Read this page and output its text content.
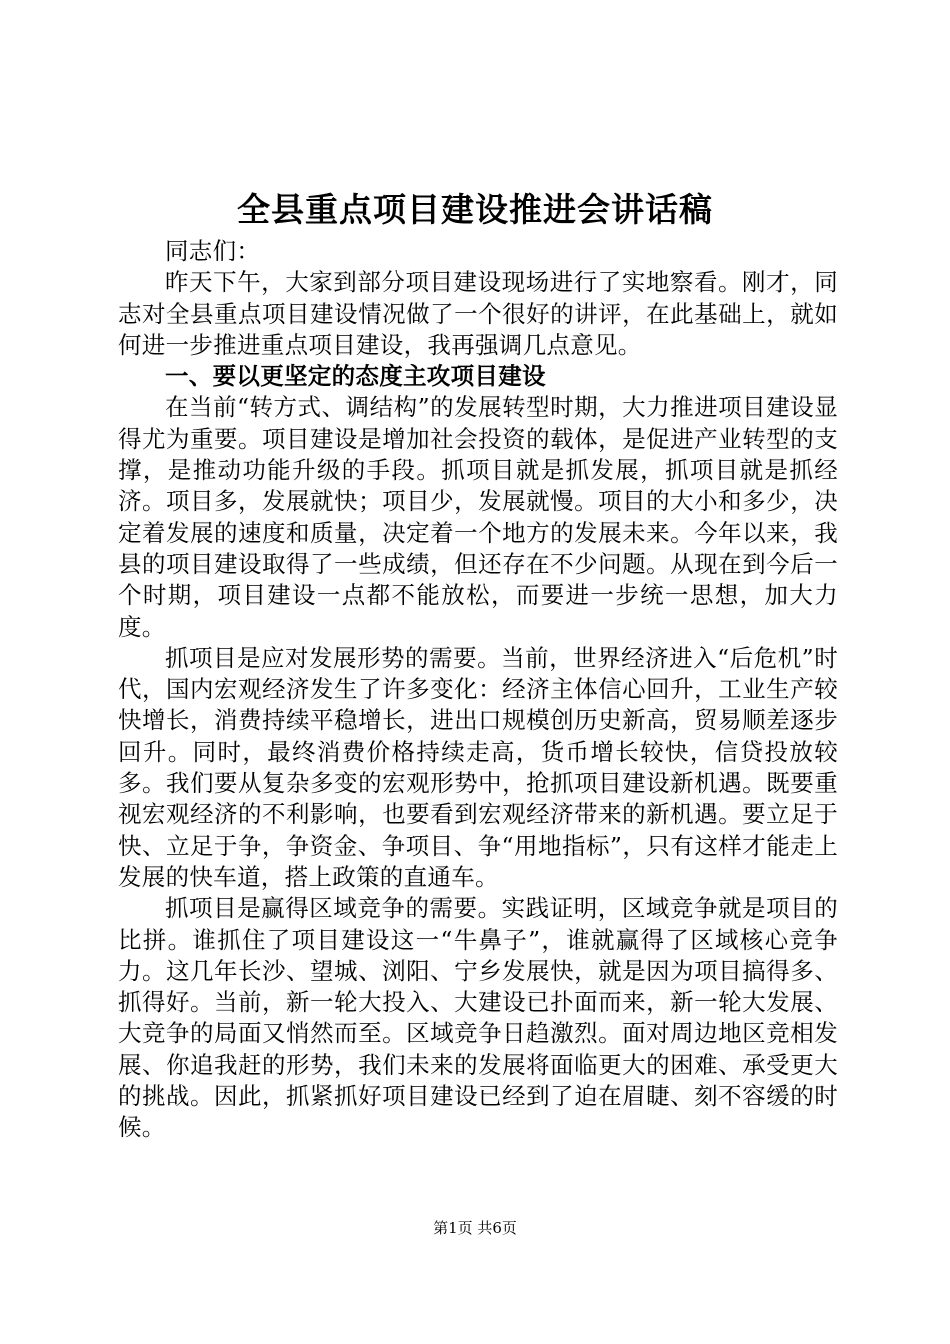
全县重点项目建设推进会讲话稿

同志们：

昨天下午，大家到部分项目建设现场进行了实地察看。刚才，同志对全县重点项目建设情况做了一个很好的讲评，在此基础上，就如何进一步推进重点项目建设，我再强调几点意见。

一、要以更坚定的态度主攻项目建设

在当前“转方式、调结构”的发展转型时期，大力推进项目建设显得尤为重要。项目建设是增加社会投资的载体，是促进产业转型的支撑，是推动功能升级的手段。抓项目就是抓发展，抓项目就是抓经济。项目多，发展就快；项目少，发展就慢。项目的大小和多少，决定着发展的速度和质量，决定着一个地方的发展未来。今年以来，我县的项目建设取得了一些成绩，但还存在不少问题。从现在到今后一个时期，项目建设一点都不能放松，而要进一步统一思想，加大力度。

抓项目是应对发展形势的需要。当前，世界经济进入“后危机”时代，国内宏观经济发生了许多变化：经济主体信心回升，工业生产较快增长，消费持续平稳增长，进出口规模创历史新高，贸易顺差逐步回升。同时，最终消费价格持续走高，货币增长较快，信贷投放较多。我们要从复杂多变的宏观形势中，抢抓项目建设新机遇。既要重视宏观经济的不利影响，也要看到宏观经济带来的新机遇。要立足于快、立足于争，争资金、争项目、争“用地指标”，只有这样才能走上发展的快车道，搭上政策的直通车。

抓项目是赢得区域竞争的需要。实践证明，区域竞争就是项目的比拼。谁抓住了项目建设这一“牛鼻子”，谁就赢得了区域核心竞争力。这几年长沙、望城、浏阳、宁乡发展快，就是因为项目搞得多、抓得好。当前，新一轮大投入、大建设已扑面而来，新一轮大发展、大竞争的局面又悄然而至。区域竞争日趋激烈。面对周边地区竞相发展、你追我赶的形势，我们未来的发展将面临更大的困难、承受更大的挑战。因此，抓紧抓好项目建设已经到了迫在眉睫、刻不容缓的时候。

第1页 共6页
